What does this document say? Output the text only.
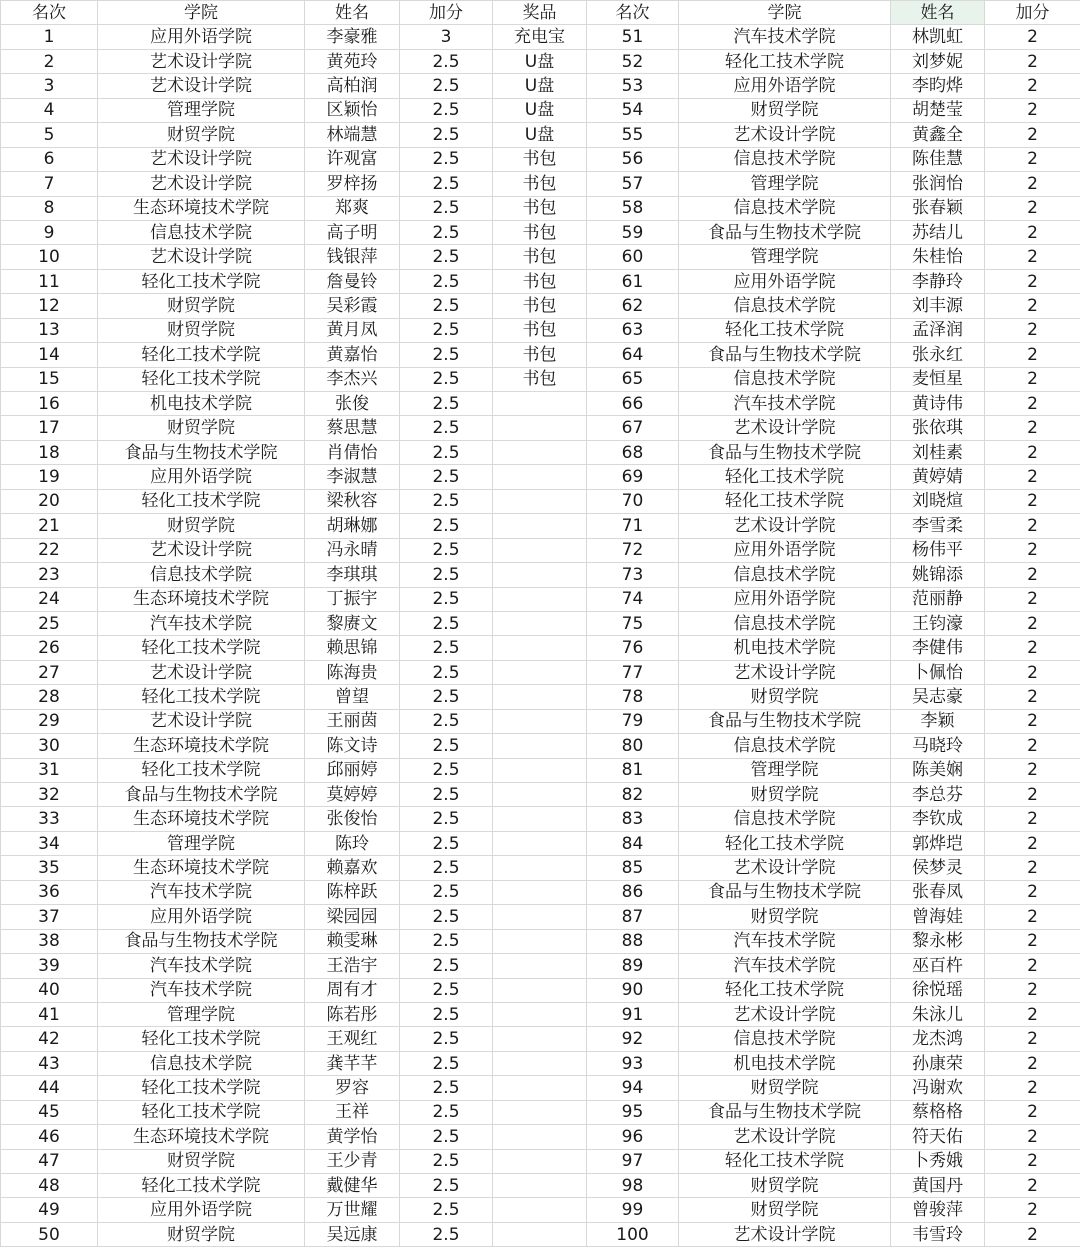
名次	学院	姓名	加分	奖品	名次	学院	姓名	加分
1	应用外语学院	李豪雅	3	充电宝	51	汽车技术学院	林凯虹	2
2	艺术设计学院	黄苑玲	2.5	U盘	52	轻化工技术学院	刘梦妮	2
3	艺术设计学院	高柏润	2.5	U盘	53	应用外语学院	李昀烨	2
4	管理学院	区颖怡	2.5	U盘	54	财贸学院	胡楚莹	2
5	财贸学院	林端慧	2.5	U盘	55	艺术设计学院	黄鑫全	2
6	艺术设计学院	许观富	2.5	书包	56	信息技术学院	陈佳慧	2
7	艺术设计学院	罗梓扬	2.5	书包	57	管理学院	张润怡	2
8	生态环境技术学院	郑爽	2.5	书包	58	信息技术学院	张春颖	2
9	信息技术学院	高子明	2.5	书包	59	食品与生物技术学院	苏结儿	2
10	艺术设计学院	钱银萍	2.5	书包	60	管理学院	朱桂怡	2
11	轻化工技术学院	詹曼铃	2.5	书包	61	应用外语学院	李静玲	2
12	财贸学院	吴彩霞	2.5	书包	62	信息技术学院	刘丰源	2
13	财贸学院	黄月凤	2.5	书包	63	轻化工技术学院	孟泽润	2
14	轻化工技术学院	黄嘉怡	2.5	书包	64	食品与生物技术学院	张永红	2
15	轻化工技术学院	李杰兴	2.5	书包	65	信息技术学院	麦恒星	2
16	机电技术学院	张俊	2.5		66	汽车技术学院	黄诗伟	2
17	财贸学院	蔡思慧	2.5		67	艺术设计学院	张依琪	2
18	食品与生物技术学院	肖倩怡	2.5		68	食品与生物技术学院	刘桂素	2
19	应用外语学院	李淑慧	2.5		69	轻化工技术学院	黄婷婧	2
20	轻化工技术学院	梁秋容	2.5		70	轻化工技术学院	刘晓煊	2
21	财贸学院	胡琳娜	2.5		71	艺术设计学院	李雪柔	2
22	艺术设计学院	冯永晴	2.5		72	应用外语学院	杨伟平	2
23	信息技术学院	李琪琪	2.5		73	信息技术学院	姚锦添	2
24	生态环境技术学院	丁振宇	2.5		74	应用外语学院	范丽静	2
25	汽车技术学院	黎赓文	2.5		75	信息技术学院	王钧濠	2
26	轻化工技术学院	赖思锦	2.5		76	机电技术学院	李健伟	2
27	艺术设计学院	陈海贵	2.5		77	艺术设计学院	卜佩怡	2
28	轻化工技术学院	曾望	2.5		78	财贸学院	吴志豪	2
29	艺术设计学院	王丽茵	2.5		79	食品与生物技术学院	李颖	2
30	生态环境技术学院	陈文诗	2.5		80	信息技术学院	马晓玲	2
31	轻化工技术学院	邱丽婷	2.5		81	管理学院	陈美娴	2
32	食品与生物技术学院	莫婷婷	2.5		82	财贸学院	李总芬	2
33	生态环境技术学院	张俊怡	2.5		83	信息技术学院	李钦成	2
34	管理学院	陈玲	2.5		84	轻化工技术学院	郭烨垲	2
35	生态环境技术学院	赖嘉欢	2.5		85	艺术设计学院	侯梦灵	2
36	汽车技术学院	陈梓跃	2.5		86	食品与生物技术学院	张春凤	2
37	应用外语学院	梁园园	2.5		87	财贸学院	曾海娃	2
38	食品与生物技术学院	赖雯琳	2.5		88	汽车技术学院	黎永彬	2
39	汽车技术学院	王浩宇	2.5		89	汽车技术学院	巫百杵	2
40	汽车技术学院	周有才	2.5		90	轻化工技术学院	徐悦瑶	2
41	管理学院	陈若彤	2.5		91	艺术设计学院	朱泳儿	2
42	轻化工技术学院	王观红	2.5		92	信息技术学院	龙杰鸿	2
43	信息技术学院	龚芊芊	2.5		93	机电技术学院	孙康荣	2
44	轻化工技术学院	罗容	2.5		94	财贸学院	冯谢欢	2
45	轻化工技术学院	王祥	2.5		95	食品与生物技术学院	蔡格格	2
46	生态环境技术学院	黄学怡	2.5		96	艺术设计学院	符天佑	2
47	财贸学院	王少青	2.5		97	轻化工技术学院	卜秀娥	2
48	轻化工技术学院	戴健华	2.5		98	财贸学院	黄国丹	2
49	应用外语学院	万世耀	2.5		99	财贸学院	曾骏萍	2
50	财贸学院	吴远康	2.5		100	艺术设计学院	韦雪玲	2
